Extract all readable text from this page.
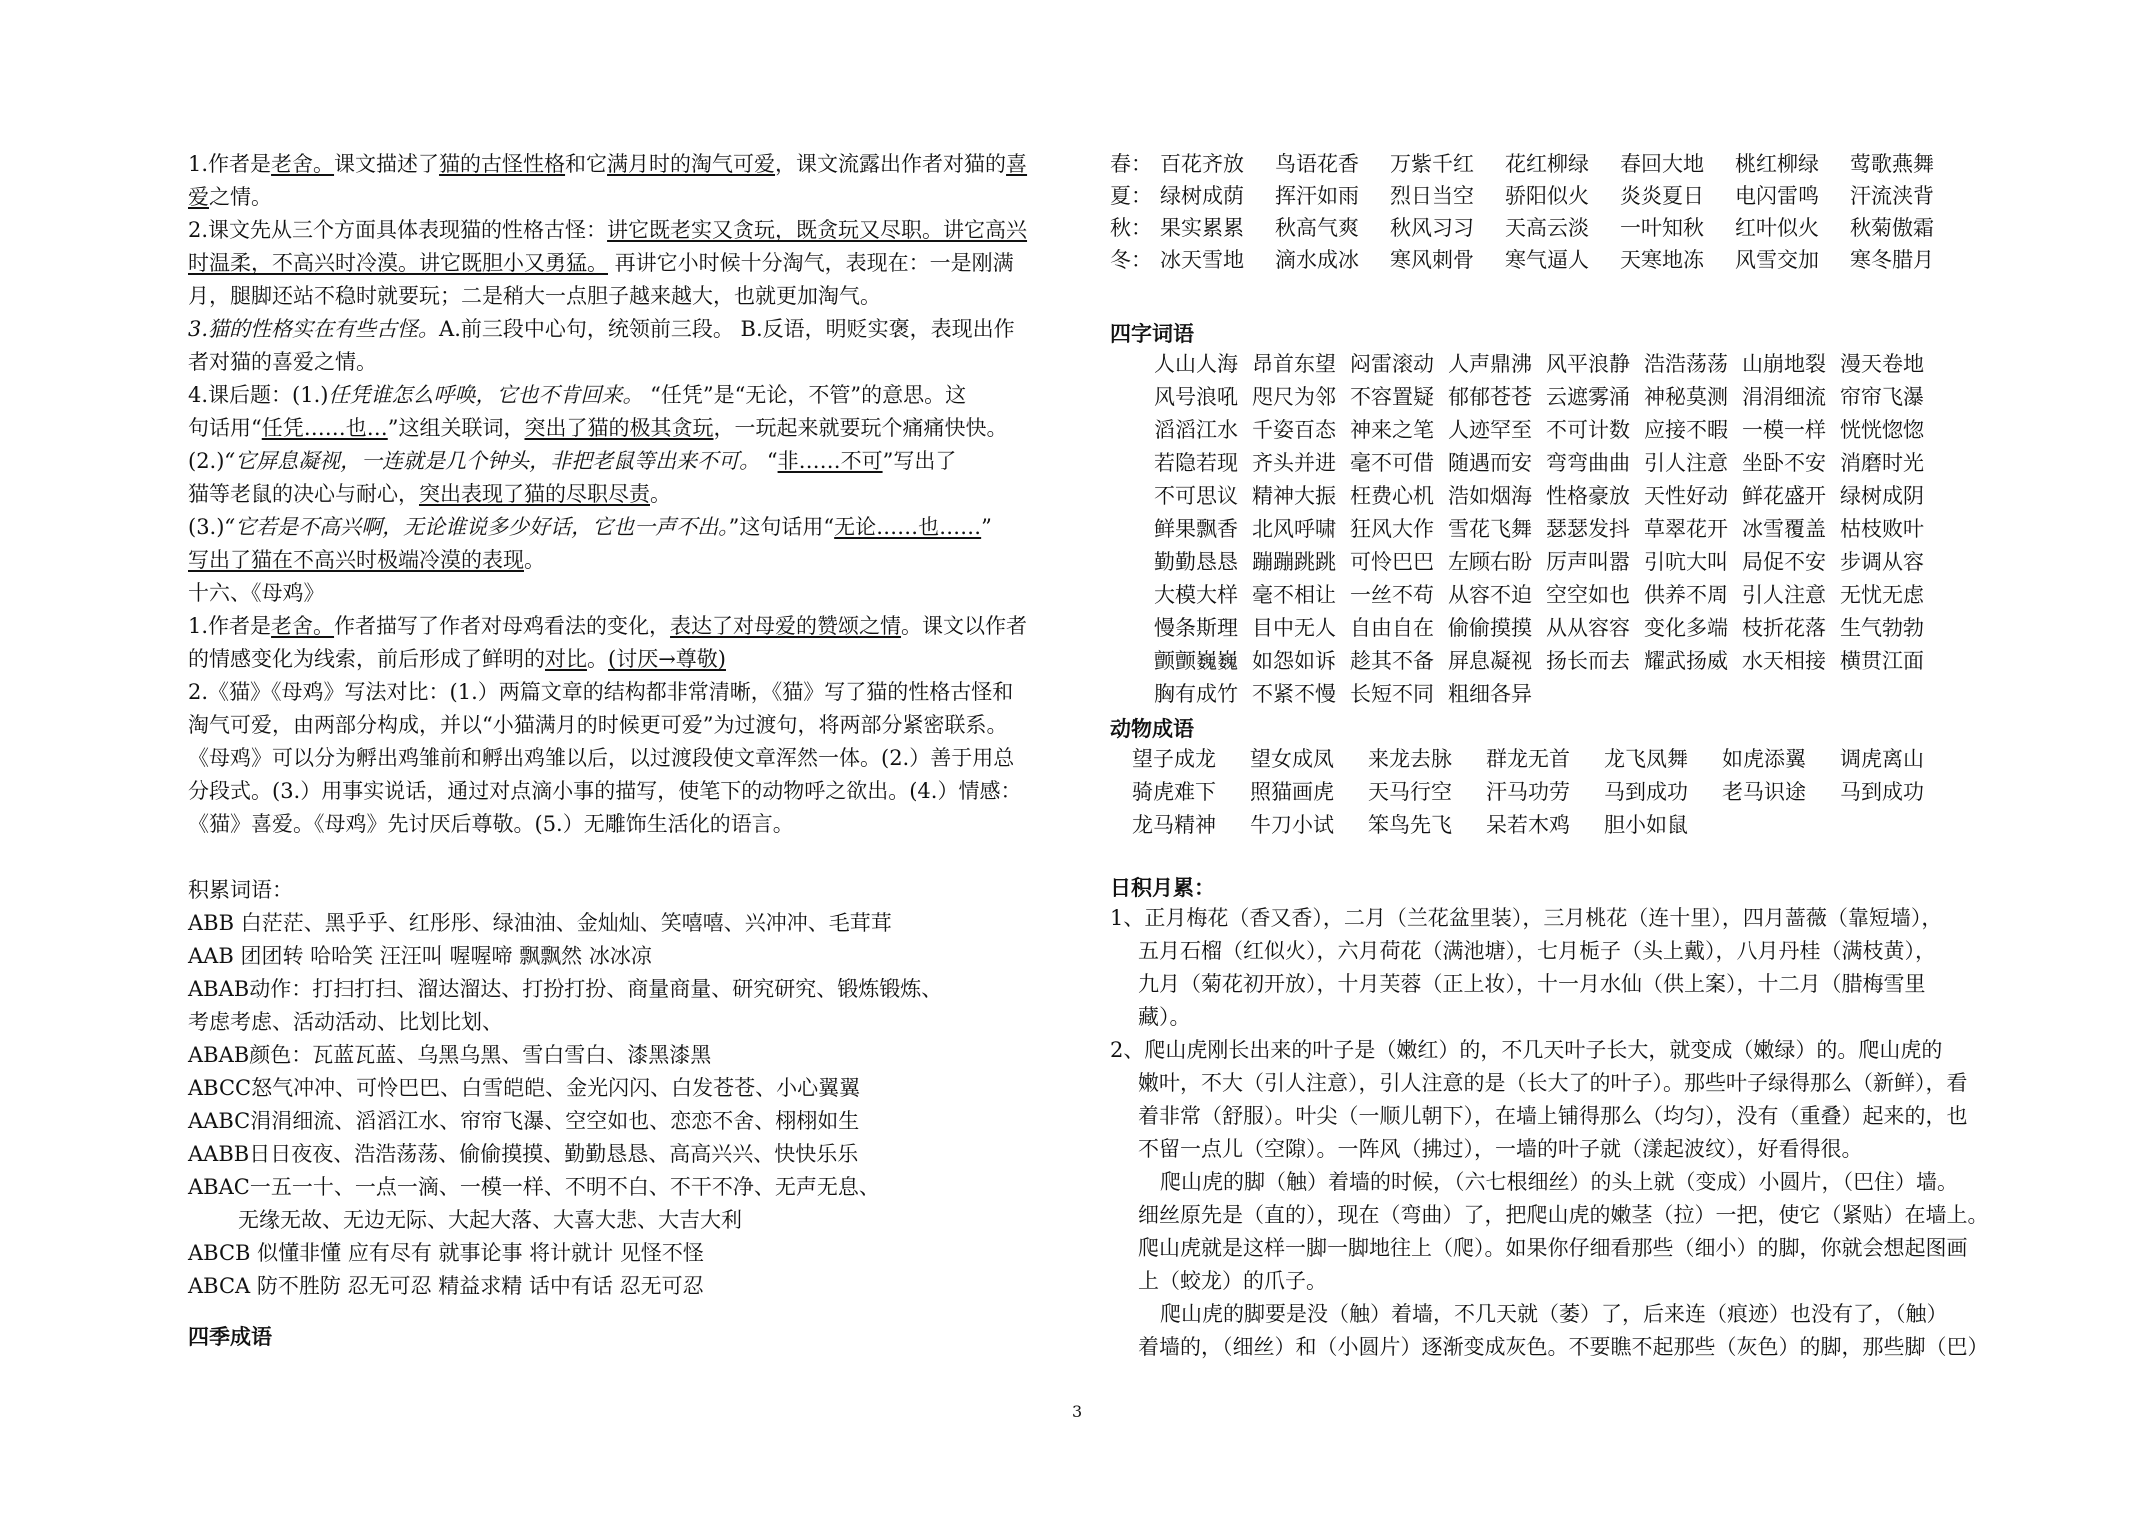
1.作者是老舍。课文描述了猫的古怪性格和它满月时的淘气可爱，课文流露出作者对猫的喜
爱之情。

2.课文先从三个方面具体表现猫的性格古怪：讲它既老实又贪玩，既贪玩又尽职。讲它高兴
时温柔，不高兴时冷漠。讲它既胆小又勇猛。 再讲它小时候十分淘气，表现在：一是刚满
月，腿脚还站不稳时就要玩；二是稍大一点胆子越来越大，也就更加淘气。

3.猫的性格实在有些古怪。A.前三段中心句，统领前三段。 B.反语，明贬实褒，表现出作
者对猫的喜爱之情。

4.课后题：(1.)任凭谁怎么呼唤，它也不肯回来。 “任凭”是“无论，不管”的意思。这
句话用“任凭……也…”这组关联词，突出了猫的极其贪玩，一玩起来就要玩个痛痛快快。

(2.)“它屏息凝视，一连就是几个钟头，非把老鼠等出来不可。 “非……不可”写出了
猫等老鼠的决心与耐心，突出表现了猫的尽职尽责。

(3.)“它若是不高兴啊，无论谁说多少好话，它也一声不出。”这句话用“无论……也……”
写出了猫在不高兴时极端冷漠的表现。

十六、《母鸡》

1.作者是老舍。作者描写了作者对母鸡看法的变化，表达了对母爱的赞颂之情。课文以作者
的情感变化为线索，前后形成了鲜明的对比。(讨厌→尊敬)

2.《猫》《母鸡》写法对比：(1.）两篇文章的结构都非常清晰，《猫》写了猫的性格古怪和
淘气可爱，由两部分构成，并以“小猫满月的时候更可爱”为过渡句，将两部分紧密联系。
《母鸡》可以分为孵出鸡雏前和孵出鸡雏以后，以过渡段使文章浑然一体。(2.）善于用总
分段式。(3.）用事实说话，通过对点滴小事的描写，使笔下的动物呼之欲出。(4.）情感：
《猫》喜爱。《母鸡》先讨厌后尊敬。(5.）无雕饰生活化的语言。

积累词语：

ABB 白茫茫、黑乎乎、红彤彤、绿油油、金灿灿、笑嘻嘻、兴冲冲、毛茸茸

AAB 团团转 哈哈笑 汪汪叫 喔喔啼 飘飘然 冰冰凉

ABAB动作：打扫打扫、溜达溜达、打扮打扮、商量商量、研究研究、锻炼锻炼、

考虑考虑、活动活动、比划比划、

ABAB颜色：瓦蓝瓦蓝、乌黑乌黑、雪白雪白、漆黑漆黑

ABCC怒气冲冲、可怜巴巴、白雪皑皑、金光闪闪、白发苍苍、小心翼翼

AABC涓涓细流、滔滔江水、帘帘飞瀑、空空如也、恋恋不舍、栩栩如生

AABB日日夜夜、浩浩荡荡、偷偷摸摸、勤勤恳恳、高高兴兴、快快乐乐

ABAC一五一十、一点一滴、一模一样、不明不白、不干不净、无声无息、

无缘无故、无边无际、大起大落、大喜大悲、大吉大利

ABCB 似懂非懂 应有尽有 就事论事 将计就计 见怪不怪

ABCA 防不胜防 忍无可忍 精益求精 话中有话 忍无可忍

四季成语

春： 百花齐放	鸟语花香	万紫千红	花红柳绿	春回大地	桃红柳绿	莺歌燕舞
夏： 绿树成荫	挥汗如雨	烈日当空	骄阳似火	炎炎夏日	电闪雷鸣	汗流浃背
秋： 果实累累	秋高气爽	秋风习习	天高云淡	一叶知秋	红叶似火	秋菊傲霜
冬： 冰天雪地	滴水成冰	寒风刺骨	寒气逼人	天寒地冻	风雪交加	寒冬腊月

四字词语

人山人海 昂首东望 闷雷滚动 人声鼎沸 风平浪静 浩浩荡荡 山崩地裂 漫天卷地
风号浪吼 咫尺为邻 不容置疑 郁郁苍苍 云遮雾涌 神秘莫测 涓涓细流 帘帘飞瀑
滔滔江水 千姿百态 神来之笔 人迹罕至 不可计数 应接不暇 一模一样 恍恍惚惚
若隐若现 齐头并进 毫不可借 随遇而安 弯弯曲曲 引人注意 坐卧不安 消磨时光
不可思议 精神大振 枉费心机 浩如烟海 性格豪放 天性好动 鲜花盛开 绿树成阴
鲜果飘香 北风呼啸 狂风大作 雪花飞舞 瑟瑟发抖 草翠花开 冰雪覆盖 枯枝败叶
勤勤恳恳 蹦蹦跳跳 可怜巴巴 左顾右盼 厉声叫嚣 引吭大叫 局促不安 步调从容
大模大样 毫不相让 一丝不苟 从容不迫 空空如也 供养不周 引人注意 无忧无虑
慢条斯理 目中无人 自由自在 偷偷摸摸 从从容容 变化多端 枝折花落 生气勃勃
颤颤巍巍 如怨如诉 趁其不备 屏息凝视 扬长而去 耀武扬威 水天相接 横贯江面
胸有成竹 不紧不慢 长短不同 粗细各异

动物成语

望子成龙	望女成凤	来龙去脉	群龙无首	龙飞凤舞	如虎添翼	调虎离山
骑虎难下	照猫画虎	天马行空	汗马功劳	马到成功	老马识途	马到成功
龙马精神	牛刀小试	笨鸟先飞	呆若木鸡	胆小如鼠

日积月累：

1、正月梅花（香又香），二月（兰花盆里装），三月桃花（连十里），四月蔷薇（靠短墙），

五月石榴（红似火），六月荷花（满池塘），七月栀子（头上戴），八月丹桂（满枝黄），

九月（菊花初开放），十月芙蓉（正上妆），十一月水仙（供上案），十二月（腊梅雪里

藏）。

2、爬山虎刚长出来的叶子是（嫩红）的，不几天叶子长大，就变成（嫩绿）的。爬山虎的

嫩叶，不大（引人注意），引人注意的是（长大了的叶子）。那些叶子绿得那么（新鲜），看

着非常（舒服）。叶尖（一顺儿朝下），在墙上铺得那么（均匀），没有（重叠）起来的，也

不留一点儿（空隙）。一阵风（拂过），一墙的叶子就（漾起波纹），好看得很。

爬山虎的脚（触）着墙的时候，（六七根细丝）的头上就（变成）小圆片，（巴住）墙。

细丝原先是（直的），现在（弯曲）了，把爬山虎的嫩茎（拉）一把，使它（紧贴）在墙上。

爬山虎就是这样一脚一脚地往上（爬）。如果你仔细看那些（细小）的脚，你就会想起图画

上（蛟龙）的爪子。

爬山虎的脚要是没（触）着墙，不几天就（萎）了，后来连（痕迹）也没有了，（触）

着墙的，（细丝）和（小圆片）逐渐变成灰色。不要瞧不起那些（灰色）的脚，那些脚（巴）

3
